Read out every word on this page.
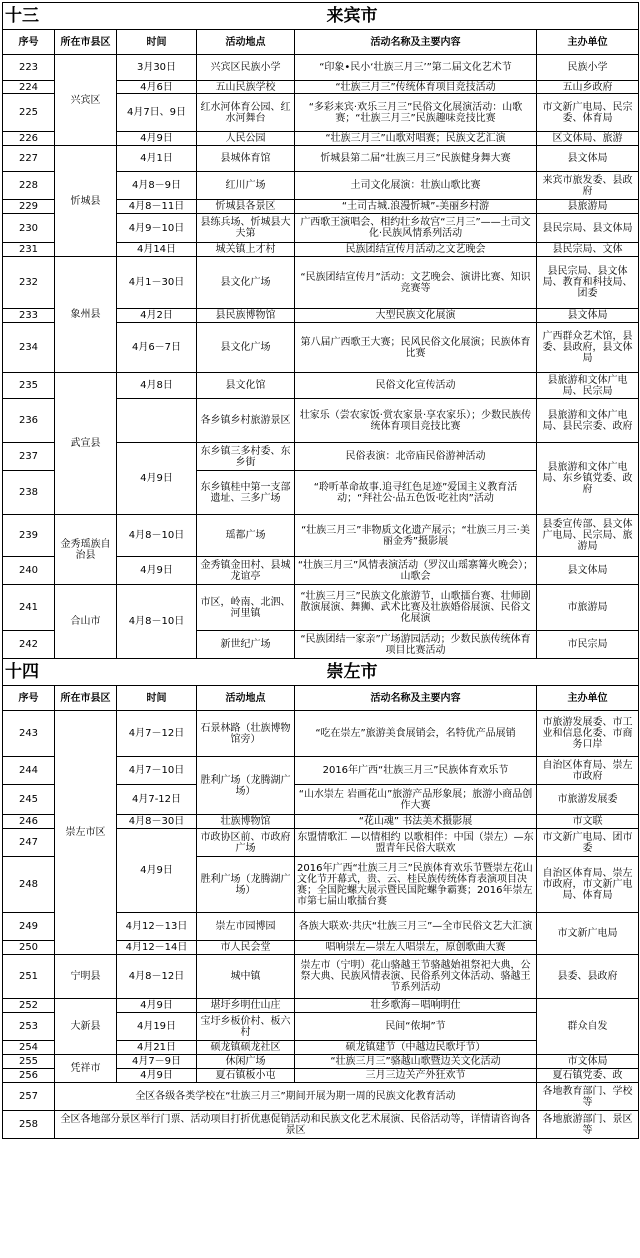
十三		来宾市			
序号	所在市县区	时间	活动地点	活动名称及主要内容	主办单位
223	兴宾区	3月30日	兴宾区民族小学	“印象•民小‘壮族三月三’”第二届文化艺术节	民族小学
224		4月6日	五山民族学校	“壮族三月三”传统体育项目竞技活动	五山乡政府
225		4月7日、9日	红水河体育公园、红水河舞台	“多彩来宾·欢乐三月三”民俗文化展演活动：山歌赛；“壮族三月三”民族趣味竞技比赛	市文新广电局、民宗委、体育局
226		4月9日	人民公园	“壮族三月三”山歌对唱赛；民族文艺汇演	区文体局、旅游
227	忻城县	4月1日	县城体育馆	忻城县第二届“壮族三月三”民族健身舞大赛	县文体局
228		4月8－9日	红川广场	土司文化展演：壮族山歌比赛	来宾市旅发委、县政府
229		4月8－11日	忻城县各景区	“土司古城.浪漫忻城”-美丽乡村游	县旅游局
230		4月9－10日	县练兵场、忻城县大夫第	广西歌王演唱会、相约壮乡故宫“三月三”——土司文化·民族风情系列活动	县民宗局、县文体局
231		4月14日	城关镇上才村	民族团结宣传月活动之文艺晚会	县民宗局、文体
232	象州县	4月1－30日	县文化广场	“民族团结宣传月”活动：文艺晚会、演讲比赛、知识竞赛等	县民宗局、县文体局、教育和科技局、团委
233		4月2日	县民族博物馆	大型民族文化展演	县文体局
234		4月6－7日	县文化广场	第八届广西歌王大赛；民风民俗文化展演；民族体育比赛	广西群众艺术馆，县委、县政府，县文体局
235	武宣县	4月8日	县文化馆	民俗文化宣传活动	县旅游和文体广电局、民宗局
236			各乡镇乡村旅游景区	壮家乐（尝农家饭·赏农家景·享农家乐）；少数民族传统体育项目竞技比赛	县旅游和文体广电局、县民宗委、政府
237		4月9日	东乡镇三多村委、东乡街	民俗表演：北帝庙民俗游神活动	县旅游和文体广电局、东乡镇党委、政府
238			东乡镇桂中第一支部遗址、三多广场	“聆听革命故事.追寻红色足迹”爱国主义教育活动；“拜社公·品五色饭·吃社肉”活动	
239	金秀瑶族自治县	4月8－10日	瑶都广场	“壮族三月三”非物质文化遗产展示；“壮族三月三·美丽金秀”摄影展	县委宣传部、县文体广电局、民宗局、旅游局
240		4月9日	金秀镇金田村、县城龙谊亭	“壮族三月三”风情表演活动（罗汉山瑶寨篝火晚会）；山歌会	县文体局
241	合山市	4月8－10日	市区，岭南、北泗、河里镇	“壮族三月三”民族文化旅游节，山歌擂台赛、壮师剧散演展演、舞狮、武术比赛及壮族婚俗展演、民俗文化展演	市旅游局
242			新世纪广场	“民族团结一家亲”广场游园活动；少数民族传统体育项目比赛活动	市民宗局
十四		崇左市			
序号	所在市县区	时间	活动地点	活动名称及主要内容	主办单位
243	崇左市区	4月7－12日	石景林路（壮族博物馆旁）	“吃在崇左”旅游美食展销会，名特优产品展销	市旅游发展委、市工业和信息化委、市商务口岸
244		4月7－10日	胜利广场（龙腾湖广场）	2016年广西“壮族三月三”民族体育欢乐节	自治区体育局、崇左市政府
245		4月7-12日		“山水崇左 岩画花山”旅游产品形象展；旅游小商品创作大赛	市旅游发展委
246		4月8－30日	壮族博物馆	“花山魂” 书法美术摄影展	市文联
247		4月9日	市政协区前、市政府广场	东盟情歌汇 —以情相约 以歌相伴：中国（崇左）—东盟青年民俗大联欢	市文新广电局、团市委
248			胜利广场（龙腾湖广场）	2016年广西“壮族三月三”民族体育欢乐节暨崇左花山文化节开幕式，贵、云、桂民族传统体育表演项目决赛；全国陀螺大展示暨民国陀螺争霸赛；2016年崇左市第七届山歌擂台赛	自治区体育局、崇左市政府，市文新广电局、体育局
249		4月12－13日	崇左市园博园	各族大联欢·共庆“壮族三月三”—全市民俗文艺大汇演	市文新广电局
250		4月12－14日	市人民会堂	唱响崇左—崇左人唱崇左，原创歌曲大赛	
251	宁明县	4月8－12日	城中镇	崇左市（宁明）花山骆越王节骆越始祖祭祀大典，公祭大典、民族风情表演、民俗系列文体活动、骆越王节系列活动	县委、县政府
252	大新县	4月9日	堪圩乡明仕山庄	壮乡歌海－唱响明仕	群众自发
253		4月19日	宝圩乡板价村、板六村	民间“侬垌”节	
254		4月21日	硕龙镇硕龙社区	硕龙镇建节（中越边民歌圩节）	
255	凭祥市	4月7－9日	休闲广场	“壮族三月三”骆越山歌暨边关文化活动	市文体局
256		4月9日	夏石镇板小屯	三月三边关产外狂欢节	夏石镇党委、政
257	全区各级各类学校在“壮族三月三”期间开展为期一周的民族文化教育活动				各地教育部门、学校等
258	全区各地部分景区举行门票、活动项目打折优惠促销活动和民族文化艺术展演、民俗活动等，详情请咨询各景区				各地旅游部门、景区等
